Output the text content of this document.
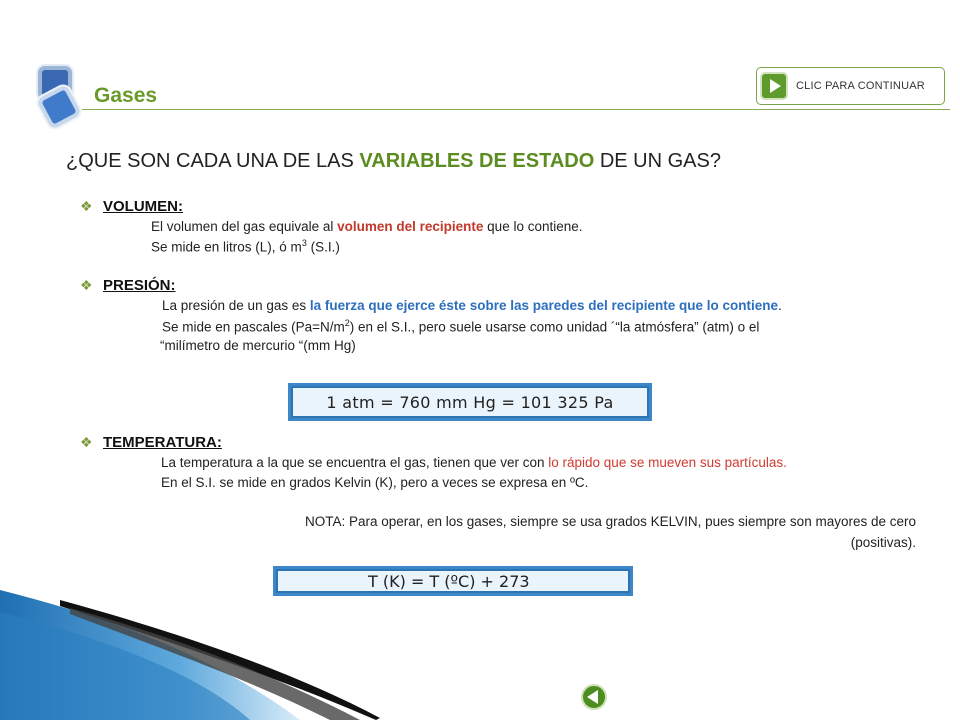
Gases	CLIC PARA CONTINUAR
¿QUE SON CADA UNA DE LAS VARIABLES DE ESTADO DE UN GAS?
❖ VOLUMEN:
El volumen del gas equivale al volumen del recipiente que lo contiene.
Se mide en litros (L), ó $m^3$ (S.I.)
❖ PRESIÓN:
La presión de un gas es la fuerza que ejerce éste sobre las paredes del recipiente que lo contiene.
Se mide en pascales $(Pa=N/m^2)$ en el S.I., pero suele usarse como unidad ´“la atmósfera” (atm) o el
“milímetro de mercurio “(mm Hg)
1 atm = 760 mm Hg = 101 325 Pa
❖ TEMPERATURA:
La temperatura a la que se encuentra el gas, tienen que ver con lo rápido que se mueven sus partículas.
En el S.I. se mide en grados Kelvin (K), pero a veces se expresa en ºC.
NOTA: Para operar, en los gases, siempre se usa grados KELVIN, pues siempre son mayores de cero
(positivas).
T (K) = T (ºC) + 273
